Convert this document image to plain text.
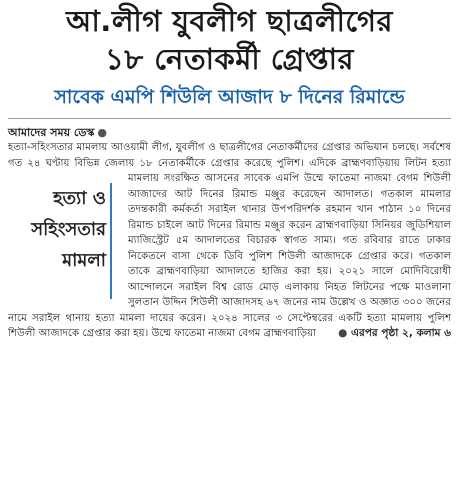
আ.লীগ যুবলীগ ছাত্রলীগের
১৮ নেতাকর্মী গ্রেপ্তার
সাবেক এমপি শিউলি আজাদ ৮ দিনের রিমান্ডে
আমাদের সময় ডেস্ক ●
হত্যা-সহিংসতার মামলায় আওয়ামী লীগ, যুবলীগ ও ছাত্রলীগের নেতাকর্মীদের গ্রেপ্তার অভিযান চলছে। সর্বশেষ গত ২৪ ঘণ্টায় বিভিন্ন জেলায় ১৮ নেতাকর্মীকে গ্রেপ্তার করেছে পুলিশ। এদিকে ব্রাহ্মণবাড়িয়ায়
হত্যা ও
সহিংসতার
মামলা
লিটন হত্যা মামলায় সংরক্ষিত আসনের সাবেক এমপি উম্মে ফাতেমা নাজমা বেগম শিউলী আজাদের আট দিনের রিমান্ড মঞ্জুর করেছেন আদালত। গতকাল মামলার তদন্তকারী কর্মকর্তা সরাইল থানার উপপরিদর্শক রহমান খান পাঠান ১০ দিনের রিমান্ড চাইলে আট দিনের রিমান্ড মঞ্জুর করেন ব্রাহ্মণবাড়িয়া সিনিয়র জুডিশিয়াল ম্যাজিস্ট্রেট ৫ম আদালতের বিচারক স্বাগত সাম্য। গত রবিবার রাতে ঢাকার নিকেতনে বাসা থেকে ডিবি পুলিশ শিউলী আজাদকে গ্রেপ্তার করে। গতকাল তাকে ব্রাহ্মণবাড়িয়া আদালতে হাজির করা হয়। ২০২১ সালে মোদিবিরোধী আন্দোলনে সরাইল বিশ্ব রোড মোড় এলাকায় নিহত লিটনের পক্ষে মাওলানা সুলতান উদ্দিন শিউলী আজাদসহ ৬৭ জনের নাম উল্লেখ ও অজ্ঞাত ৩০০ জনের নামে সরাইল থানায় হত্যা মামলা দায়ের করেন। ২০২৪ সালের ৩ সেপ্টেম্বরের একটি হত্যা মামলায় পুলিশ শিউলী আজাদকে গ্রেপ্তার করা হয়। উম্মে ফাতেমা নাজমা বেগম ব্রাহ্মণবাড়িয়া ● এরপর পৃষ্ঠা ২, কলাম ৬
